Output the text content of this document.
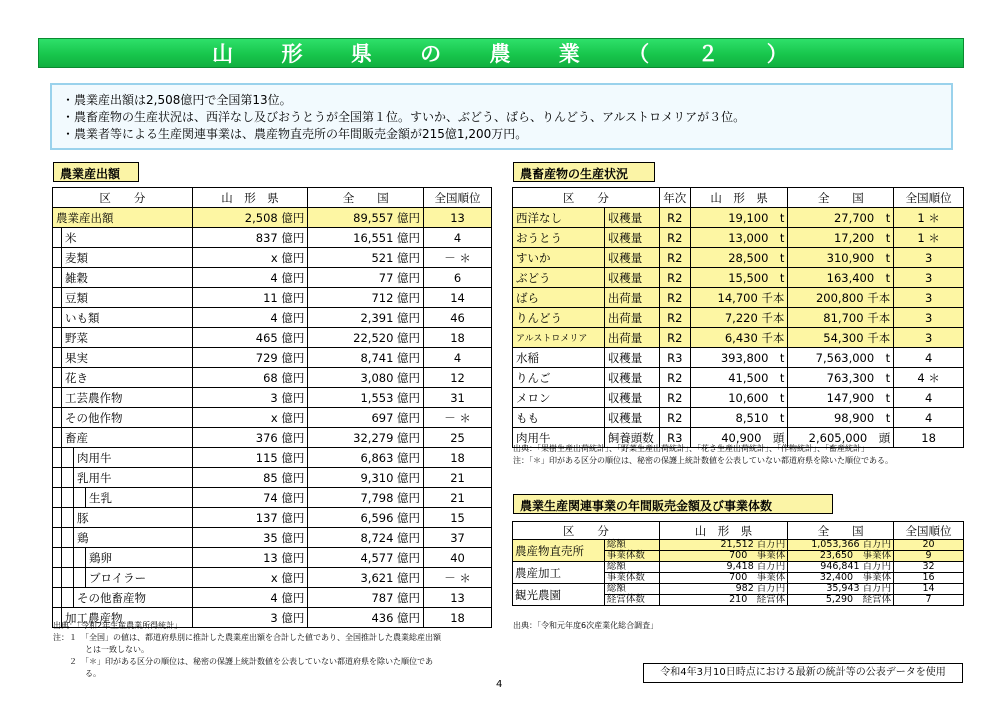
山 形 県 の 農 業 （ ２ ）
・農業産出額は2,508億円で全国第13位。
・農畜産物の生産状況は、西洋なし及びおうとうが全国第１位。すいか、ぶどう、ばら、りんどう、アルストロメリアが３位。
・農業者等による生産関連事業は、農産物直売所の年間販売金額が215億1,200万円。
農業産出額
区　　分	山　形　県	全　　国	全国順位

農業産出額	2,508 億円	89,557 億円	13

米	837 億円	16,551 億円	4

麦類	x 億円	521 億円	－ ＊

雑穀	4 億円	77 億円	6

豆類	11 億円	712 億円	14

いも類	4 億円	2,391 億円	46

野菜	465 億円	22,520 億円	18

果実	729 億円	8,741 億円	4

花き	68 億円	3,080 億円	12

工芸農作物	3 億円	1,553 億円	31

その他作物	x 億円	697 億円	－ ＊

畜産	376 億円	32,279 億円	25

肉用牛	115 億円	6,863 億円	18

乳用牛	85 億円	9,310 億円	21

生乳	74 億円	7,798 億円	21

豚	137 億円	6,596 億円	15

鶏	35 億円	8,724 億円	37

鶏卵	13 億円	4,577 億円	40

ブロイラー	x 億円	3,621 億円	－ ＊

その他畜産物	4 億円	787 億円	13

加工農産物	3 億円	436 億円	18
出典：「令和2年生産農業所得統計」
注：１　「全国」の値は、都道府県別に推計した農業産出額を合計した値であり、全国推計した農業総産出額
　　　　とは一致しない。
　　２　「＊」印がある区分の順位は、秘密の保護上統計数値を公表していない都道府県を除いた順位であ
　　　　る。
農畜産物の生産状況
区　　分		年次	山　形　県	全　　国	全国順位
西洋なし	収穫量	R2	19,100　t	27,700　t	1 ＊
おうとう	収穫量	R2	13,000　t	17,200　t	1 ＊
すいか	収穫量	R2	28,500　t	310,900　t	3
ぶどう	収穫量	R2	15,500　t	163,400　t	3
ばら	出荷量	R2	14,700 千本	200,800 千本	3
りんどう	出荷量	R2	7,220 千本	81,700 千本	3
アルストロメリア	出荷量	R2	6,430 千本	54,300 千本	3
水稲	収穫量	R3	393,800　t	7,563,000　t	4
りんご	収穫量	R2	41,500　t	763,300　t	4 ＊
メロン	収穫量	R2	10,600　t	147,900　t	4
もも	収穫量	R2	8,510　t	98,900　t	4
肉用牛	飼養頭数	R3	40,900　頭	2,605,000　頭	18
出典：「果樹生産出荷統計」、「野菜生産出荷統計」、「花き生産出荷統計」、「作物統計」、「畜産統計」
注：「＊」印がある区分の順位は、秘密の保護上統計数値を公表していない都道府県を除いた順位である。
農業生産関連事業の年間販売金額及び事業体数
区　　分		山　形　県	全　　国	全国順位
農産物直売所	総額	21,512 百万円	1,053,366 百万円	20
	事業体数	700　事業体	23,650　事業体	9
農産加工	総額	9,418 百万円	946,841 百万円	32
	事業体数	700　事業体	32,400　事業体	16
観光農園	総額	982 百万円	35,943 百万円	14
	経営体数	210　経営体	5,290　経営体	7
出典：「令和元年度6次産業化総合調査」
4
令和4年3月10日時点における最新の統計等の公表データを使用
